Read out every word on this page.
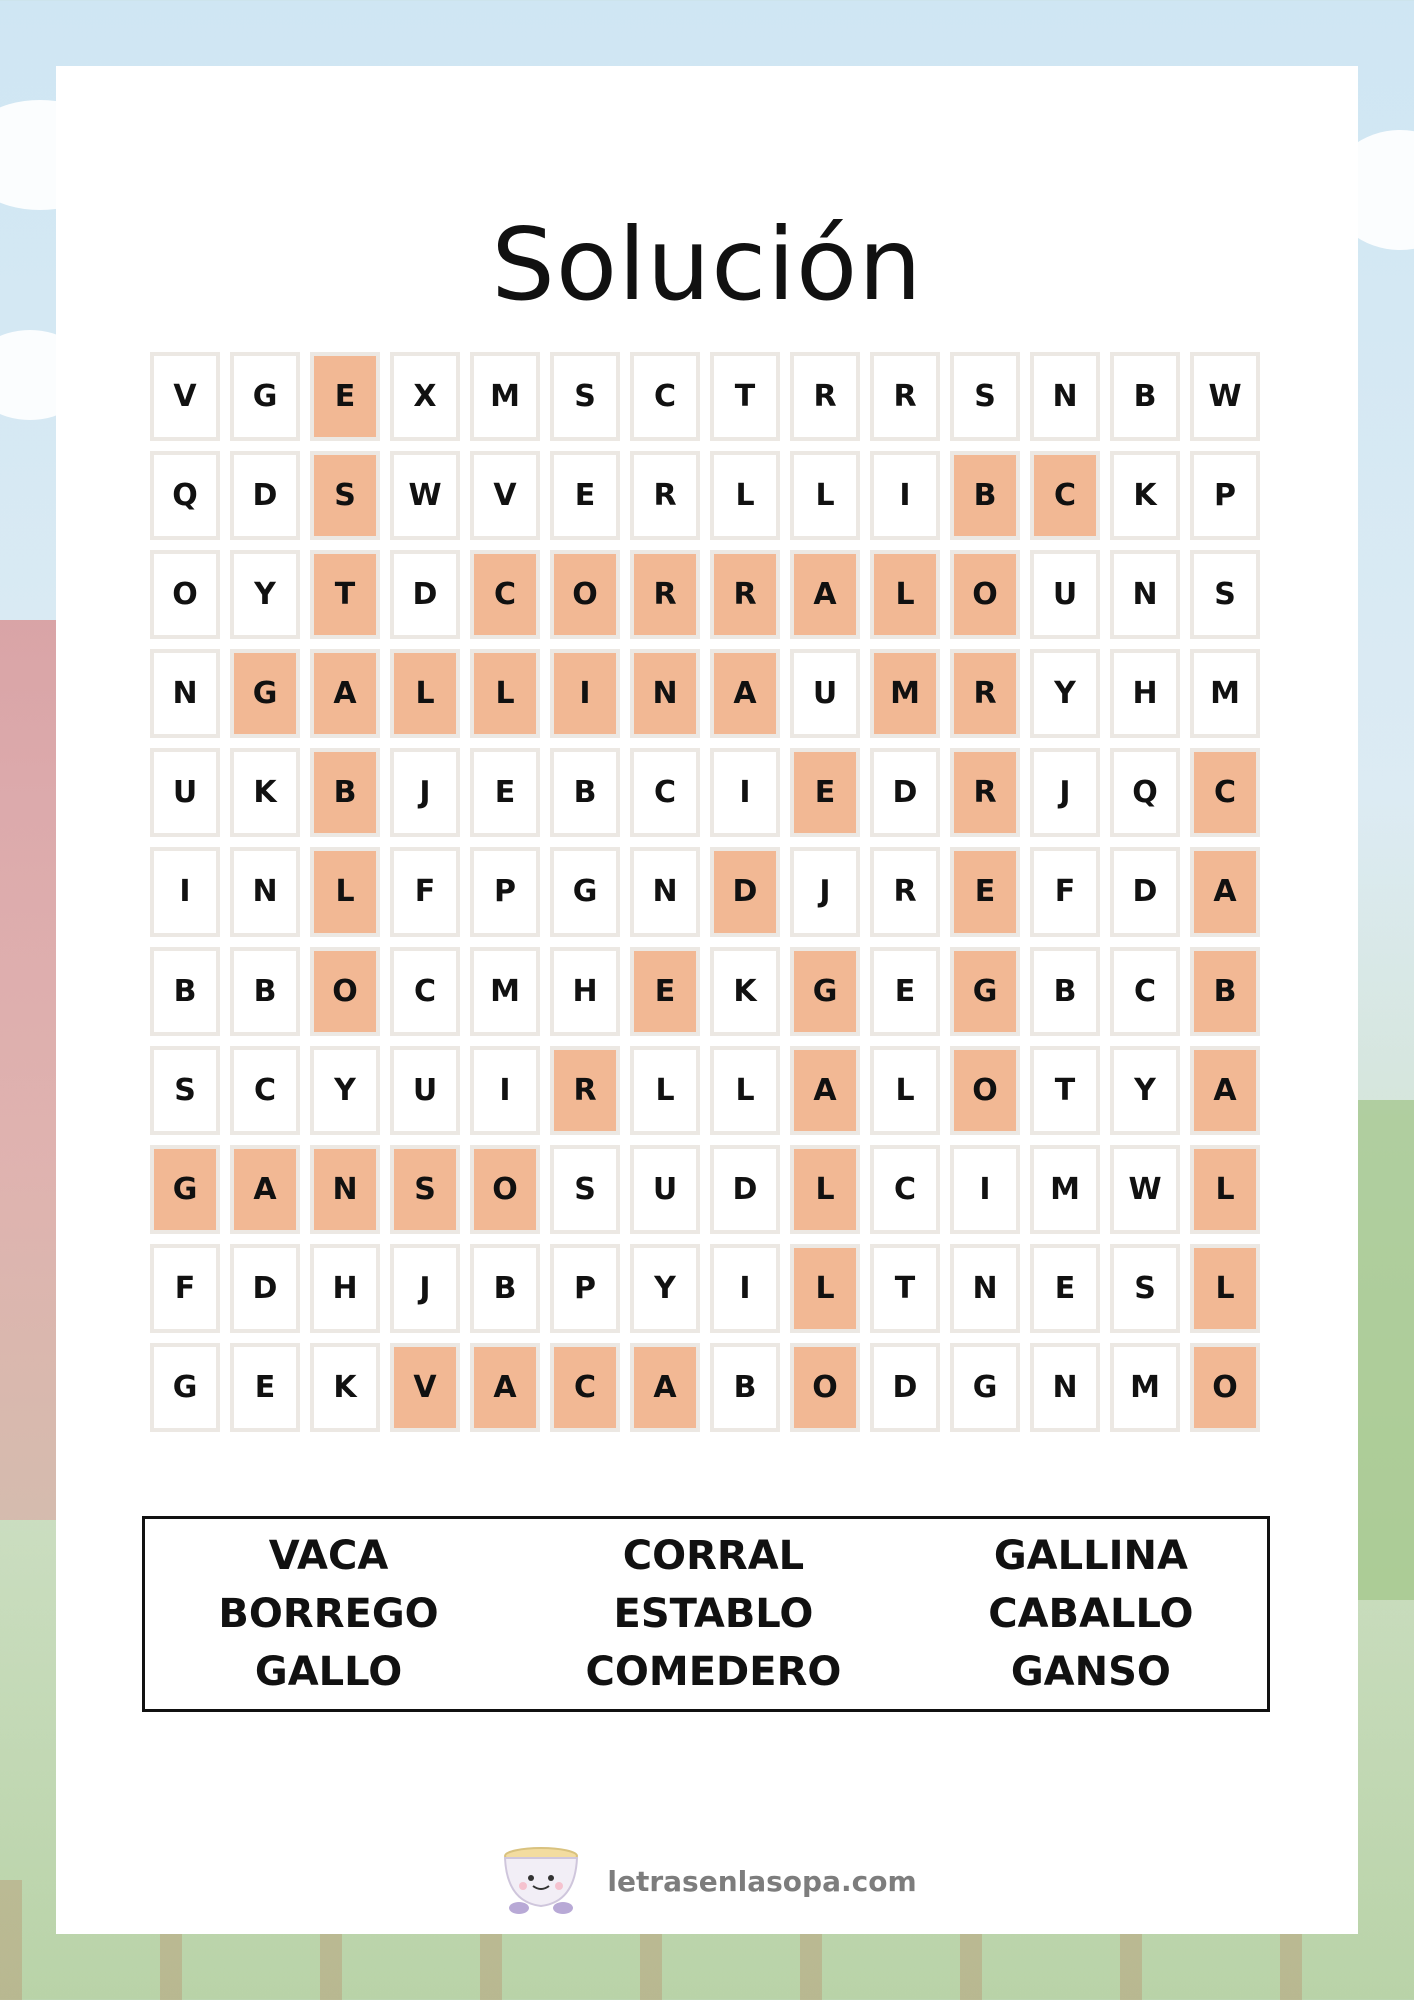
Solución
V	G	E	X	M	S	C	T	R	R	S	N	B	W
Q	D	S	W	V	E	R	L	L	I	B	C	K	P
O	Y	T	D	C	O	R	R	A	L	O	U	N	S
N	G	A	L	L	I	N	A	U	M	R	Y	H	M
U	K	B	J	E	B	C	I	E	D	R	J	Q	C
I	N	L	F	P	G	N	D	J	R	E	F	D	A
B	B	O	C	M	H	E	K	G	E	G	B	C	B
S	C	Y	U	I	R	L	L	A	L	O	T	Y	A
G	A	N	S	O	S	U	D	L	C	I	M	W	L
F	D	H	J	B	P	Y	I	L	T	N	E	S	L
G	E	K	V	A	C	A	B	O	D	G	N	M	O
VACA
BORREGO
GALLO
CORRAL
ESTABLO
COMEDERO
GALLINA
CABALLO
GANSO
letrasenlasopa.com
